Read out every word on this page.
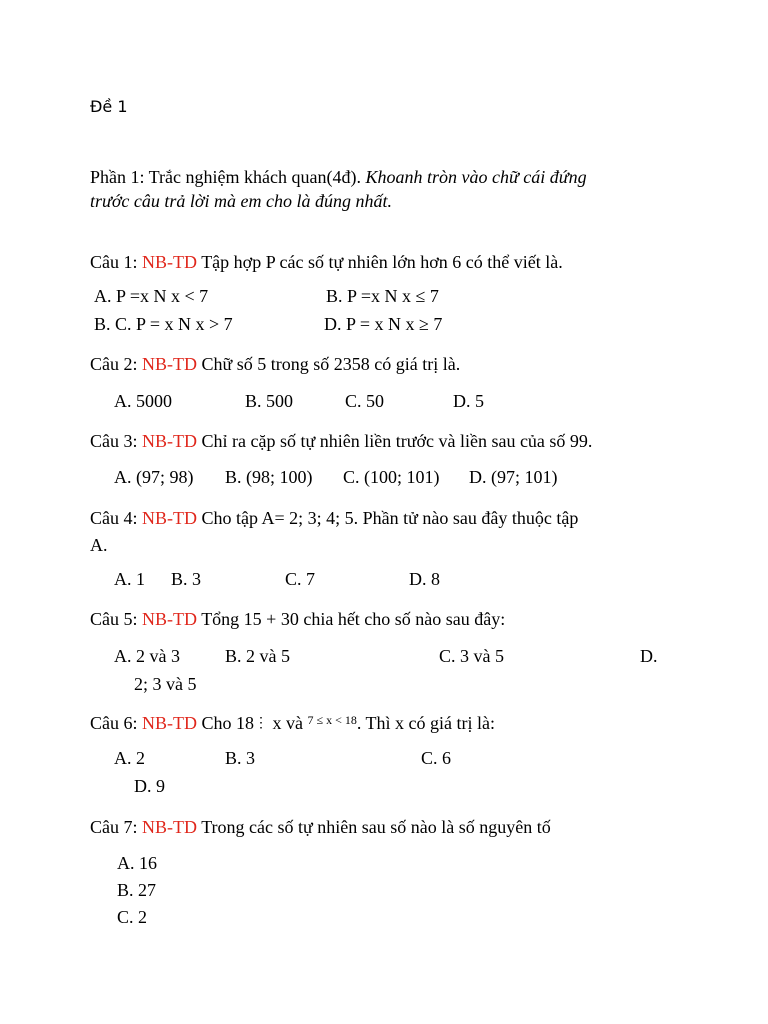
Đề 1
Phần 1: Trắc nghiệm khách quan(4đ). Khoanh tròn vào chữ cái đứng
trước câu trả lời mà em cho là đúng nhất.
Câu 1: NB-TD Tập hợp P các số tự nhiên lớn hơn 6 có thể viết là.
A. P =x N x < 7	B. P =x N x ≤ 7
B. C. P = x N x > 7	D. P = x N x ≥ 7
Câu 2: NB-TD Chữ số 5 trong số 2358 có giá trị là.
A. 5000	B. 500	C. 50	D. 5
Câu 3: NB-TD Chỉ ra cặp số tự nhiên liền trước và liền sau của số 99.
A. (97; 98) B. (98; 100) C. (100; 101) D. (97; 101)
Câu 4: NB-TD Cho tập A= 2; 3; 4; 5. Phần tử nào sau đây thuộc tập
A.
A. 1 B. 3	C. 7	D. 8
Câu 5: NB-TD Tổng 15 + 30 chia hết cho số nào sau đây:
A. 2 và 3	B. 2 và 5	C. 3 và 5	D.
2; 3 và 5
Câu 6: NB-TD Cho 18⋮ x và $^{7 \le x < 18}$. Thì x có giá trị là:
A. 2	B. 3	C. 6
D. 9
Câu 7: NB-TD Trong các số tự nhiên sau số nào là số nguyên tố
A. 16
B. 27
C. 2
